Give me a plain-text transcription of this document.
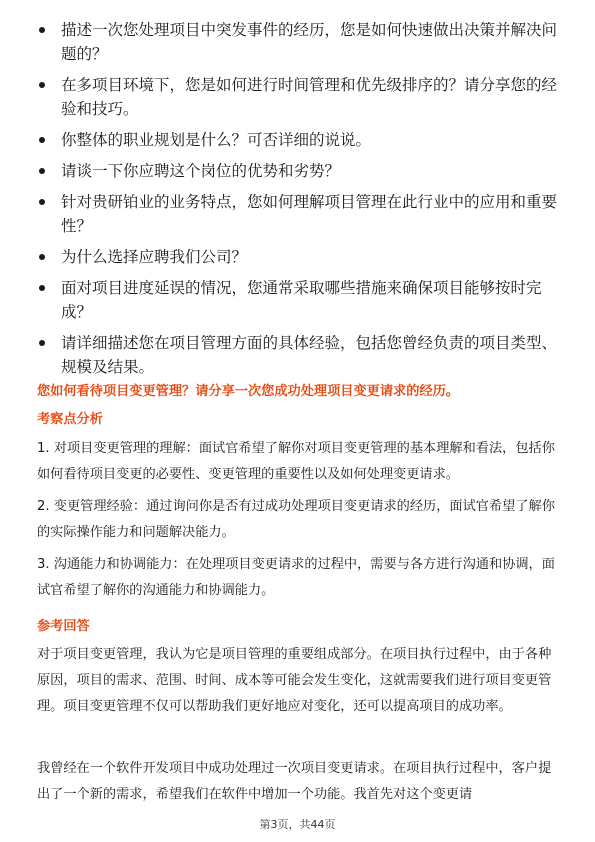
描述一次您处理项目中突发事件的经历，您是如何快速做出决策并解决问题的？
在多项目环境下，您是如何进行时间管理和优先级排序的？请分享您的经验和技巧。
你整体的职业规划是什么？可否详细的说说。
请谈一下你应聘这个岗位的优势和劣势？
针对贵研铂业的业务特点，您如何理解项目管理在此行业中的应用和重要性？
为什么选择应聘我们公司？
面对项目进度延误的情况，您通常采取哪些措施来确保项目能够按时完成？
请详细描述您在项目管理方面的具体经验，包括您曾经负责的项目类型、规模及结果。
您如何看待项目变更管理？请分享一次您成功处理项目变更请求的经历。
考察点分析
1. 对项目变更管理的理解：面试官希望了解你对项目变更管理的基本理解和看法，包括你如何看待项目变更的必要性、变更管理的重要性以及如何处理变更请求。
2. 变更管理经验：通过询问你是否有过成功处理项目变更请求的经历，面试官希望了解你的实际操作能力和问题解决能力。
3. 沟通能力和协调能力：在处理项目变更请求的过程中，需要与各方进行沟通和协调，面试官希望了解你的沟通能力和协调能力。
参考回答
对于项目变更管理，我认为它是项目管理的重要组成部分。在项目执行过程中，由于各种原因，项目的需求、范围、时间、成本等可能会发生变化，这就需要我们进行项目变更管理。项目变更管理不仅可以帮助我们更好地应对变化，还可以提高项目的成功率。
我曾经在一个软件开发项目中成功处理过一次项目变更请求。在项目执行过程中，客户提出了一个新的需求，希望我们在软件中增加一个功能。我首先对这个变更请
第3页，共44页
